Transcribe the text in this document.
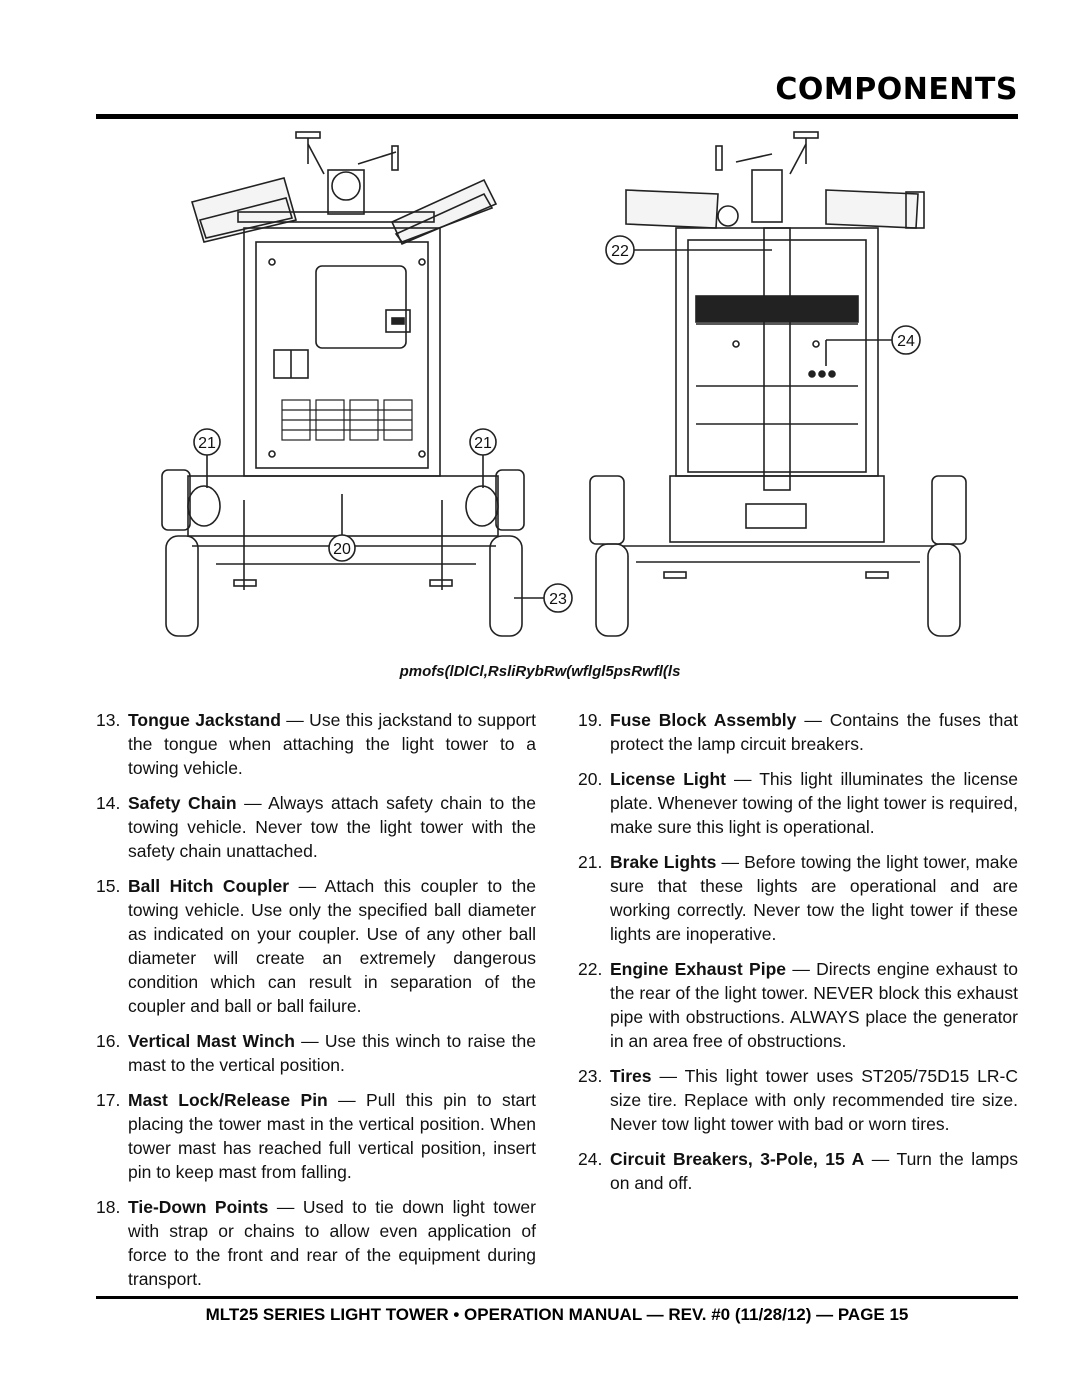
COMPONENTS
21	21
20
22
24
23
pmofs(lDlCl,RsliRybRw(wflgl5psRwfl(ls
13. Tongue Jackstand — Use this jackstand to support the tongue when attaching the light tower to a towing vehicle.
14. Safety Chain — Always attach safety chain to the towing vehicle. Never tow the light tower with the safety chain unattached.
15. Ball Hitch Coupler — Attach this coupler to the towing vehicle. Use only the specified ball diameter as indicated on your coupler. Use of any other ball diameter will create an extremely dangerous condition which can result in separation of the coupler and ball or ball failure.
16. Vertical Mast Winch — Use this winch to raise the mast to the vertical position.
17. Mast Lock/Release Pin — Pull this pin to start placing the tower mast in the vertical position. When tower mast has reached full vertical position, insert pin to keep mast from falling.
18. Tie-Down Points — Used to tie down light tower with strap or chains to allow even application of force to the front and rear of the equipment during transport.
19. Fuse Block Assembly — Contains the fuses that protect the lamp circuit breakers.
20. License Light — This light illuminates the license plate. Whenever towing of the light tower is required, make sure this light is operational.
21. Brake Lights — Before towing the light tower, make sure that these lights are operational and are working correctly. Never tow the light tower if these lights are inoperative.
22. Engine Exhaust Pipe — Directs engine exhaust to the rear of the light tower. NEVER block this exhaust pipe with obstructions. ALWAYS place the generator in an area free of obstructions.
23. Tires — This light tower uses ST205/75D15 LR-C size tire. Replace with only recommended tire size. Never tow light tower with bad or worn tires.
24. Circuit Breakers, 3-Pole, 15 A — Turn the lamps on and off.
MLT25 SERIES LIGHT TOWER • OPERATION MANUAL — REV. #0 (11/28/12) — PAGE 15
